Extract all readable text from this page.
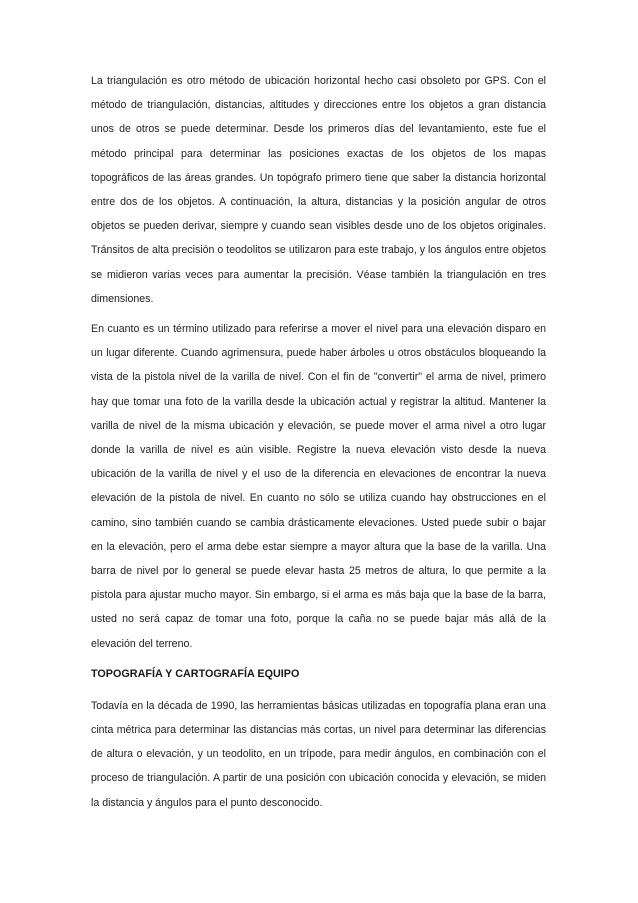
La triangulación es otro método de ubicación horizontal hecho casi obsoleto por GPS. Con el método de triangulación, distancias, altitudes y direcciones entre los objetos a gran distancia unos de otros se puede determinar. Desde los primeros días del levantamiento, este fue el método principal para determinar las posiciones exactas de los objetos de los mapas topográficos de las áreas grandes. Un topógrafo primero tiene que saber la distancia horizontal entre dos de los objetos. A continuación, la altura, distancias y la posición angular de otros objetos se pueden derivar, siempre y cuando sean visibles desde uno de los objetos originales. Tránsitos de alta precisión o teodolitos se utilizaron para este trabajo, y los ángulos entre objetos se midieron varias veces para aumentar la precisión. Véase también la triangulación en tres dimensiones.

En cuanto es un término utilizado para referirse a mover el nivel para una elevación disparo en un lugar diferente. Cuando agrimensura, puede haber árboles u otros obstáculos bloqueando la vista de la pistola nivel de la varilla de nivel. Con el fin de "convertir" el arma de nivel, primero hay que tomar una foto de la varilla desde la ubicación actual y registrar la altitud. Mantener la varilla de nivel de la misma ubicación y elevación, se puede mover el arma nivel a otro lugar donde la varilla de nivel es aún visible. Registre la nueva elevación visto desde la nueva ubicación de la varilla de nivel y el uso de la diferencia en elevaciones de encontrar la nueva elevación de la pistola de nivel. En cuanto no sólo se utiliza cuando hay obstrucciones en el camino, sino también cuando se cambia drásticamente elevaciones. Usted puede subir o bajar en la elevación, pero el arma debe estar siempre a mayor altura que la base de la varilla. Una barra de nivel por lo general se puede elevar hasta 25 metros de altura, lo que permite a la pistola para ajustar mucho mayor. Sin embargo, si el arma es más baja que la base de la barra, usted no será capaz de tomar una foto, porque la caña no se puede bajar más allá de la elevación del terreno.

TOPOGRAFÍA Y CARTOGRAFÍA EQUIPO

Todavía en la década de 1990, las herramientas básicas utilizadas en topografía plana eran una cinta métrica para determinar las distancias más cortas, un nivel para determinar las diferencias de altura o elevación, y un teodolito, en un trípode, para medir ángulos, en combinación con el proceso de triangulación. A partir de una posición con ubicación conocida y elevación, se miden la distancia y ángulos para el punto desconocido.
